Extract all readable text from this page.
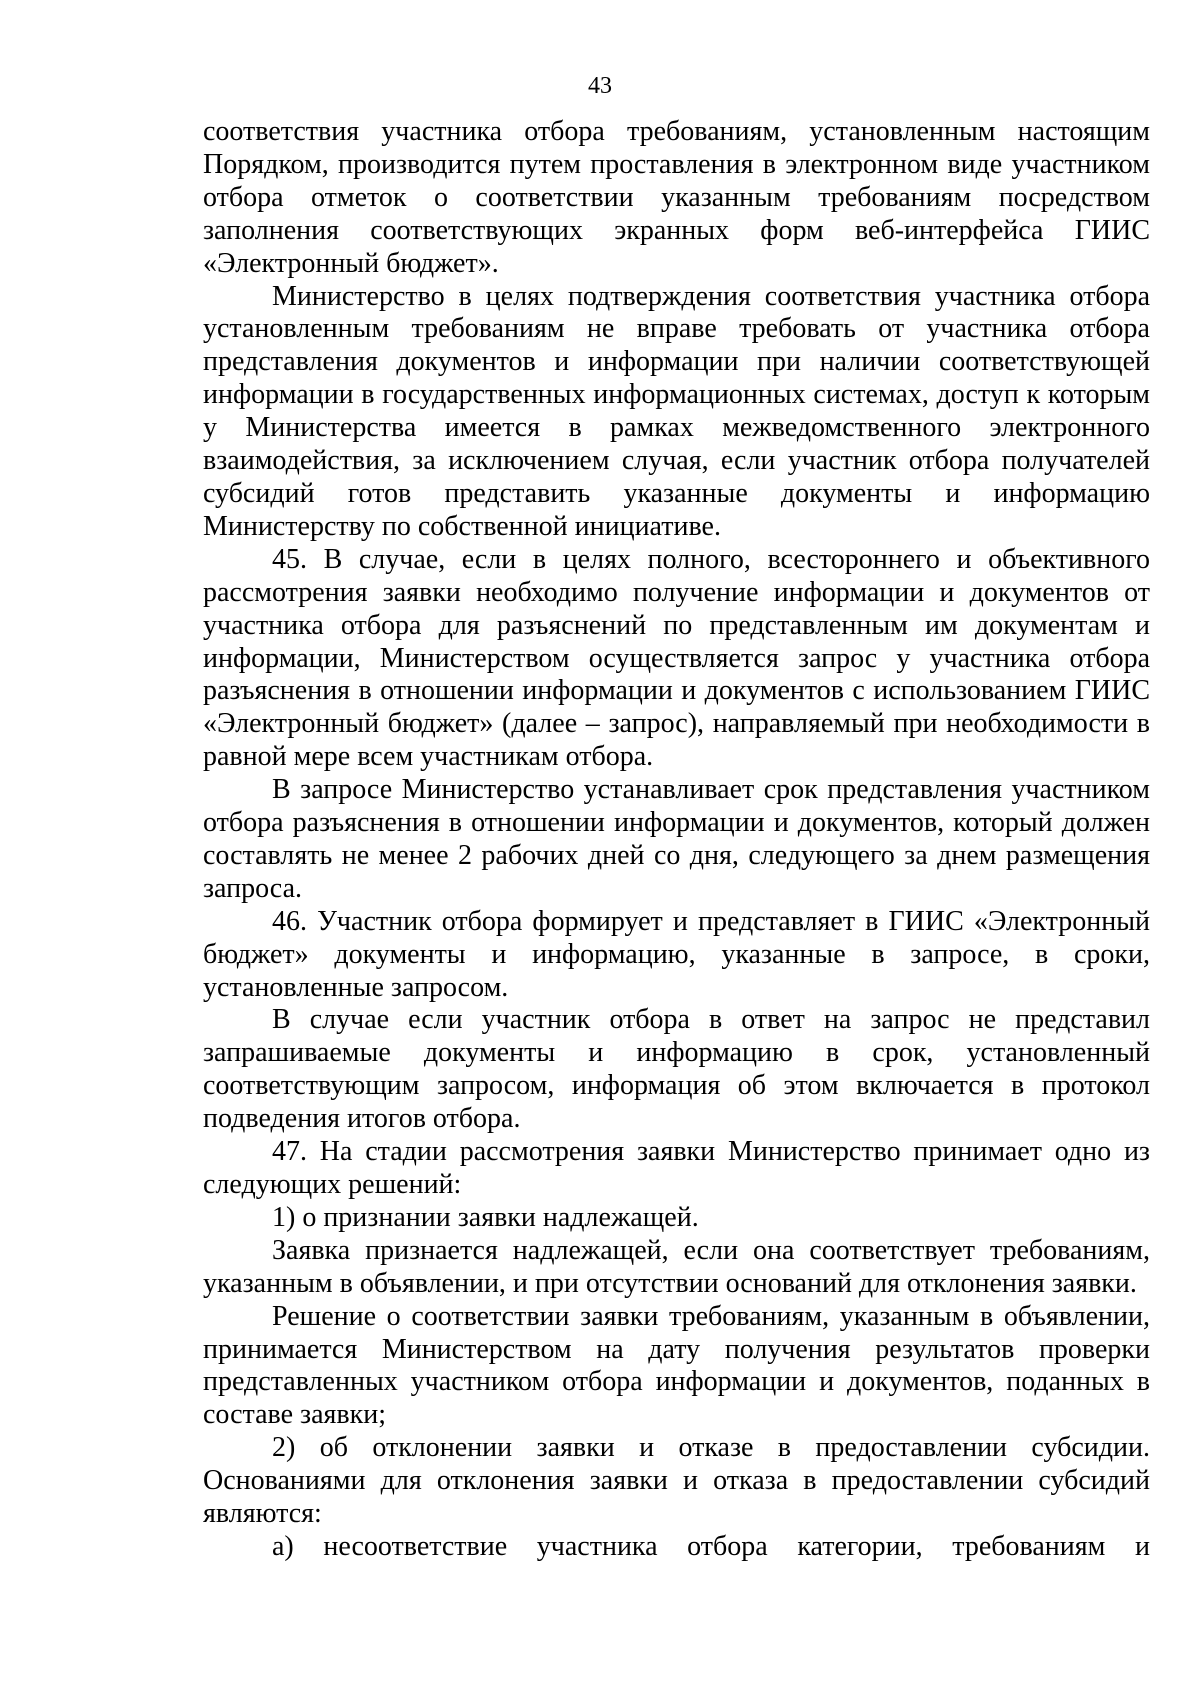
43

соответствия участника отбора требованиям, установленным настоящим Порядком, производится путем проставления в электронном виде участником отбора отметок о соответствии указанным требованиям посредством заполнения соответствующих экранных форм веб-интерфейса ГИИС «Электронный бюджет».

Министерство в целях подтверждения соответствия участника отбора установленным требованиям не вправе требовать от участника отбора представления документов и информации при наличии соответствующей информации в государственных информационных системах, доступ к которым у Министерства имеется в рамках межведомственного электронного взаимодействия, за исключением случая, если участник отбора получателей субсидий готов представить указанные документы и информацию Министерству по собственной инициативе.

45. В случае, если в целях полного, всестороннего и объективного рассмотрения заявки необходимо получение информации и документов от участника отбора для разъяснений по представленным им документам и информации, Министерством осуществляется запрос у участника отбора разъяснения в отношении информации и документов с использованием ГИИС «Электронный бюджет» (далее – запрос), направляемый при необходимости в равной мере всем участникам отбора.

В запросе Министерство устанавливает срок представления участником отбора разъяснения в отношении информации и документов, который должен составлять не менее 2 рабочих дней со дня, следующего за днем размещения запроса.

46. Участник отбора формирует и представляет в ГИИС «Электронный бюджет» документы и информацию, указанные в запросе, в сроки, установленные запросом.

В случае если участник отбора в ответ на запрос не представил запрашиваемые документы и информацию в срок, установленный соответствующим запросом, информация об этом включается в протокол подведения итогов отбора.

47. На стадии рассмотрения заявки Министерство принимает одно из следующих решений:

1) о признании заявки надлежащей.

Заявка признается надлежащей, если она соответствует требованиям, указанным в объявлении, и при отсутствии оснований для отклонения заявки.

Решение о соответствии заявки требованиям, указанным в объявлении, принимается Министерством на дату получения результатов проверки представленных участником отбора информации и документов, поданных в составе заявки;

2) об отклонении заявки и отказе в предоставлении субсидии. Основаниями для отклонения заявки и отказа в предоставлении субсидий являются:

а) несоответствие участника отбора категории, требованиям и
